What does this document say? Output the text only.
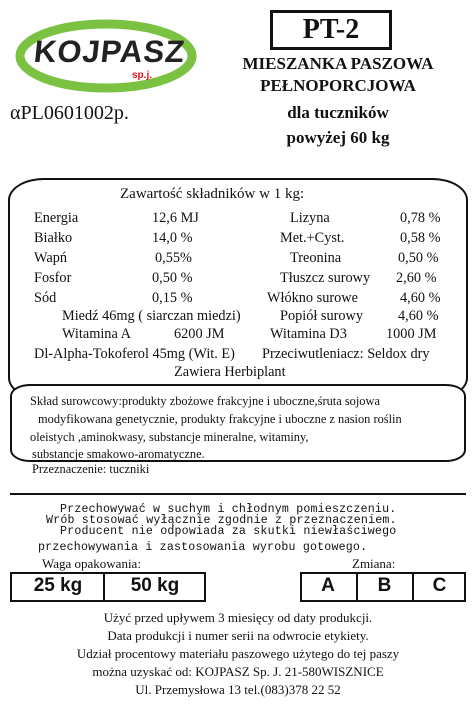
KOJPASZ
sp.j.
αPL0601002p.
PT-2
MIESZANKA PASZOWA
PEŁNOPORCJOWA
dla tuczników
powyżej 60 kg
Zawartość składników w 1 kg:
Energia	12,6 MJ	Lizyna	0,78 %
Białko	14,0 %	Met.+Cyst.	0,58 %
Wapń	0,55%	Treonina	0,50 %
Fosfor	0,50 %	Tłuszcz surowy 2,60 %
Sód	0,15 %	Włókno surowe	4,60 %
Miedź 46mg ( siarczan miedzi)	Popiół surowy 4,60 %
Witamina A	6200 JM	Witamina D3	1000 JM
Dl-Alpha-Tokoferol 45mg (Wit. E) Przeciwutleniacz: Seldox dry
Zawiera Herbiplant
Skład surowcowy:produkty zbożowe frakcyjne i uboczne,śruta sojowa
modyfikowana genetycznie, produkty frakcyjne i uboczne z nasion roślin
oleistych ,aminokwasy, substancje mineralne, witaminy,
substancje smakowo-aromatyczne.
Przeznaczenie: tuczniki
Przechowywać w suchym i chłodnym pomieszczeniu.
Wrób stosować wyłącznie zgodnie z przeznaczeniem.
Producent nie odpowiada za skutki niewłaściwego
przechowywania i zastosowania wyrobu gotowego.
Waga opakowania:	Zmiana:
25 kg	50 kg	A	B	C
Użyć przed upływem 3 miesięcy od daty produkcji.
Data produkcji i numer serii na odwrocie etykiety.
Udział procentowy materiału paszowego użytego do tej paszy
można uzyskać od: KOJPASZ Sp. J. 21-580WISZNICE
Ul. Przemysłowa 13 tel.(083)378 22 52
